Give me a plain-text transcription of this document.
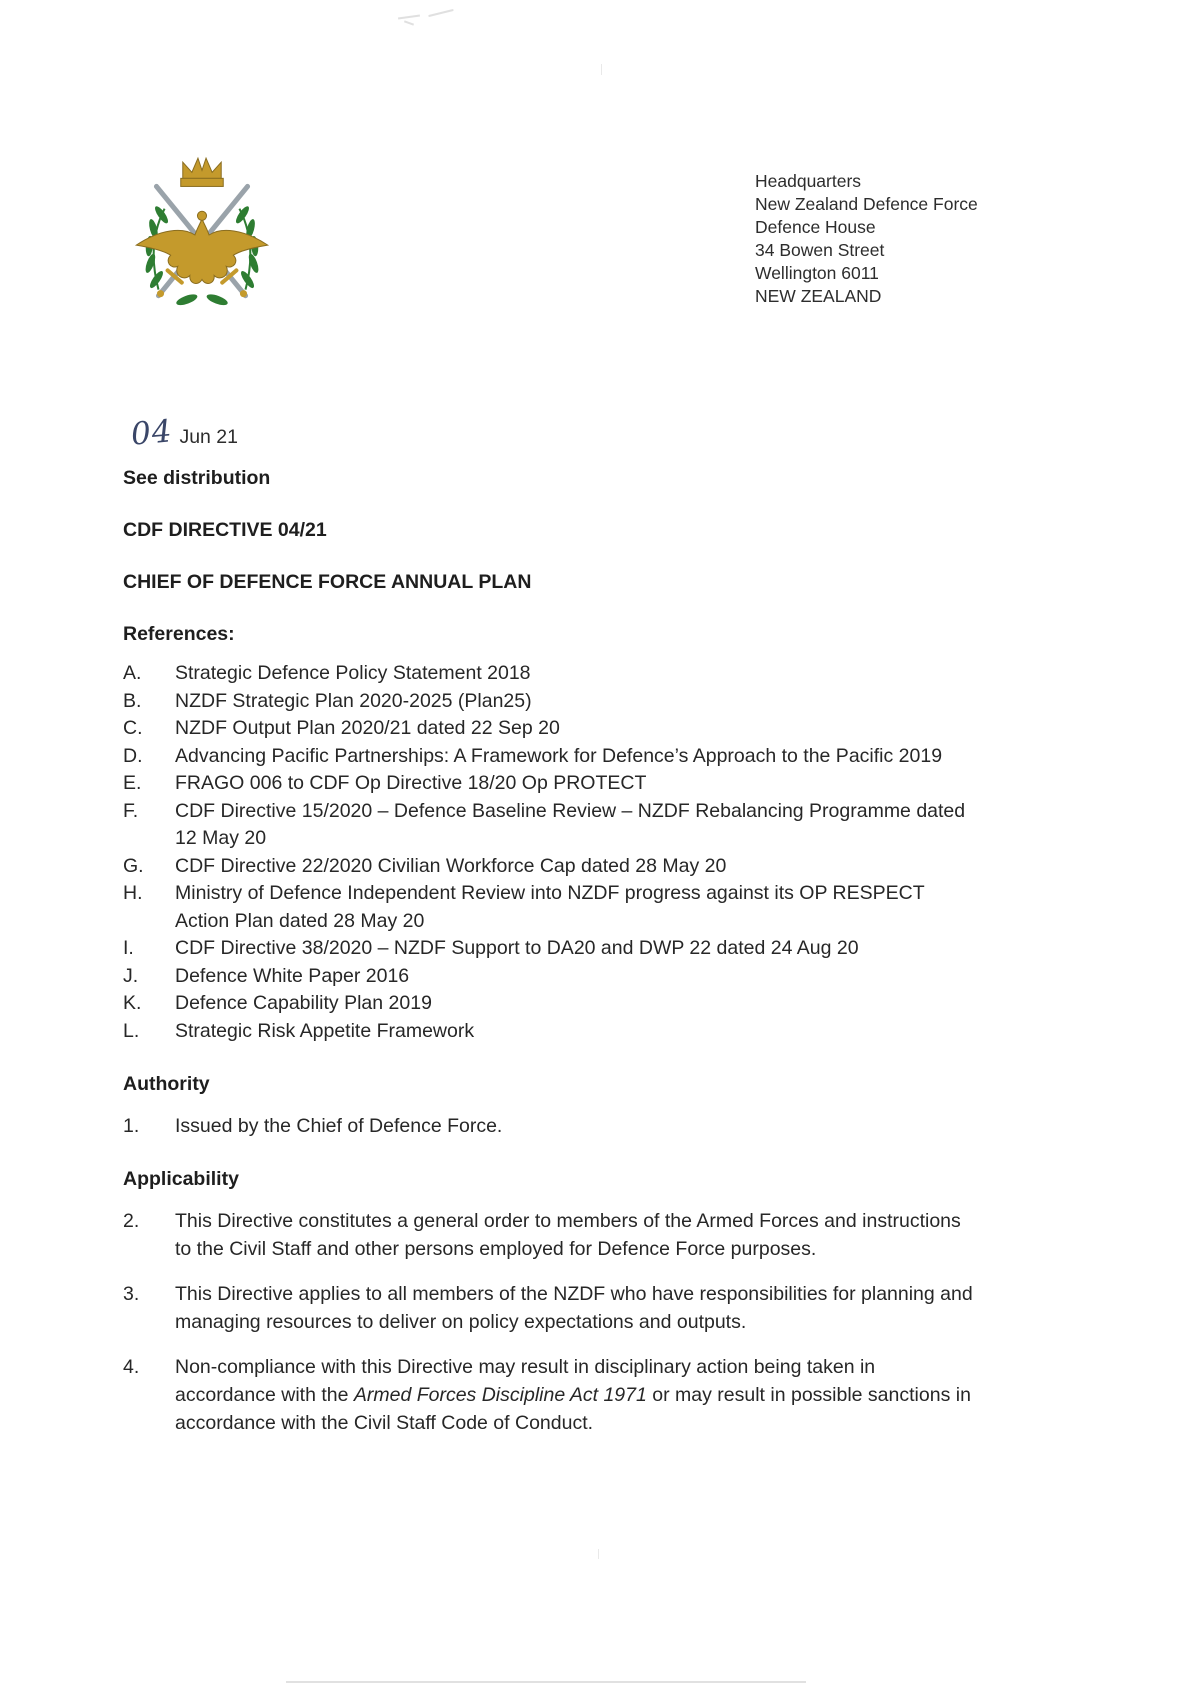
Headquarters
New Zealand Defence Force
Defence House
34 Bowen Street
Wellington 6011
NEW ZEALAND
04 Jun 21
See distribution
CDF DIRECTIVE 04/21
CHIEF OF DEFENCE FORCE ANNUAL PLAN
References:
A.	Strategic Defence Policy Statement 2018
B.	NZDF Strategic Plan 2020-2025 (Plan25)
C.	NZDF Output Plan 2020/21 dated 22 Sep 20
D.	Advancing Pacific Partnerships: A Framework for Defence’s Approach to the Pacific 2019
E.	FRAGO 006 to CDF Op Directive 18/20 Op PROTECT
F.	CDF Directive 15/2020 – Defence Baseline Review – NZDF Rebalancing Programme dated 12 May 20
G.	CDF Directive 22/2020 Civilian Workforce Cap dated 28 May 20
H.	Ministry of Defence Independent Review into NZDF progress against its OP RESPECT Action Plan dated 28 May 20
I.	CDF Directive 38/2020 – NZDF Support to DA20 and DWP 22 dated 24 Aug 20
J.	Defence White Paper 2016
K.	Defence Capability Plan 2019
L.	Strategic Risk Appetite Framework
Authority
1.	Issued by the Chief of Defence Force.
Applicability
2.	This Directive constitutes a general order to members of the Armed Forces and instructions to the Civil Staff and other persons employed for Defence Force purposes.
3.	This Directive applies to all members of the NZDF who have responsibilities for planning and managing resources to deliver on policy expectations and outputs.
4.	Non-compliance with this Directive may result in disciplinary action being taken in accordance with the Armed Forces Discipline Act 1971 or may result in possible sanctions in accordance with the Civil Staff Code of Conduct.
